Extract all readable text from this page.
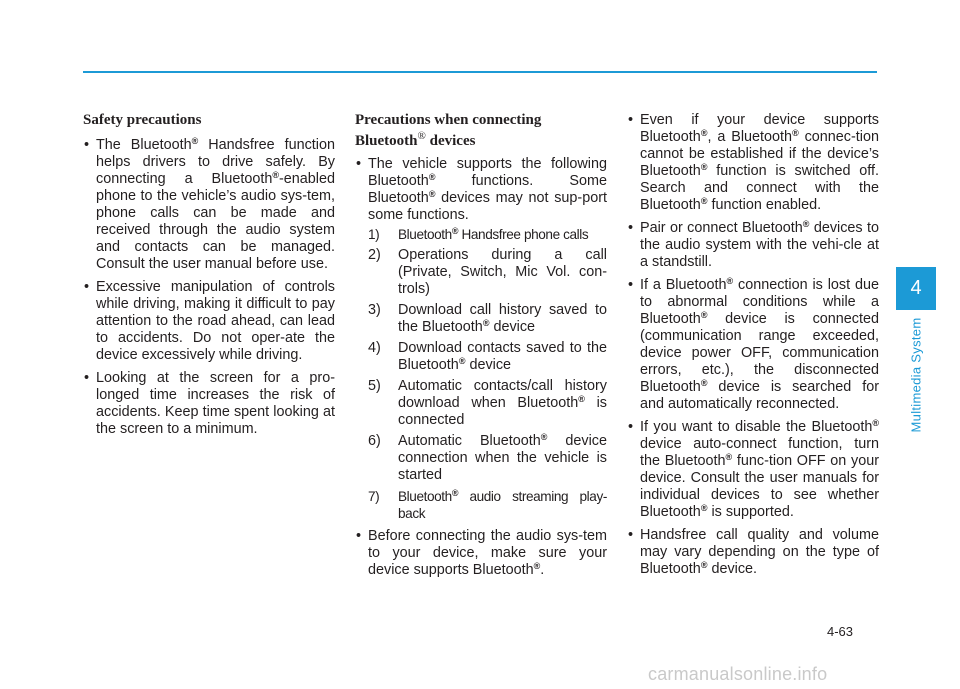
Safety precautions
• The Bluetooth® Handsfree function helps drivers to drive safely. By connecting a Bluetooth®-enabled phone to the vehicle’s audio sys-tem, phone calls can be made and received through the audio system and contacts can be managed. Consult the user manual before use.
• Excessive manipulation of controls while driving, making it difficult to pay attention to the road ahead, can lead to accidents. Do not oper-ate the device excessively while driving.
• Looking at the screen for a pro-longed time increases the risk of accidents. Keep time spent looking at the screen to a minimum.
Precautions when connecting
Bluetooth® devices
• The vehicle supports the following Bluetooth® functions. Some Bluetooth® devices may not sup-port some functions.
1) Bluetooth® Handsfree phone calls
2) Operations during a call (Private, Switch, Mic Vol. con-trols)
3) Download call history saved to the Bluetooth® device
4) Download contacts saved to the Bluetooth® device
5) Automatic contacts/call history download when Bluetooth® is connected
6) Automatic Bluetooth® device connection when the vehicle is started
7) Bluetooth® audio streaming play-back
• Before connecting the audio sys-tem to your device, make sure your device supports Bluetooth®.
• Even if your device supports Bluetooth®, a Bluetooth® connec-tion cannot be established if the device’s Bluetooth® function is switched off. Search and connect with the Bluetooth® function enabled.
• Pair or connect Bluetooth® devices to the audio system with the vehi-cle at a standstill.
• If a Bluetooth® connection is lost due to abnormal conditions while a Bluetooth® device is connected (communication range exceeded, device power OFF, communication errors, etc.), the disconnected Bluetooth® device is searched for and automatically reconnected.
• If you want to disable the Bluetooth® device auto-connect function, turn the Bluetooth® func-tion OFF on your device. Consult the user manuals for individual devices to see whether Bluetooth® is supported.
• Handsfree call quality and volume may vary depending on the type of Bluetooth® device.
4
Multimedia System
4-63
carmanualsonline.info
